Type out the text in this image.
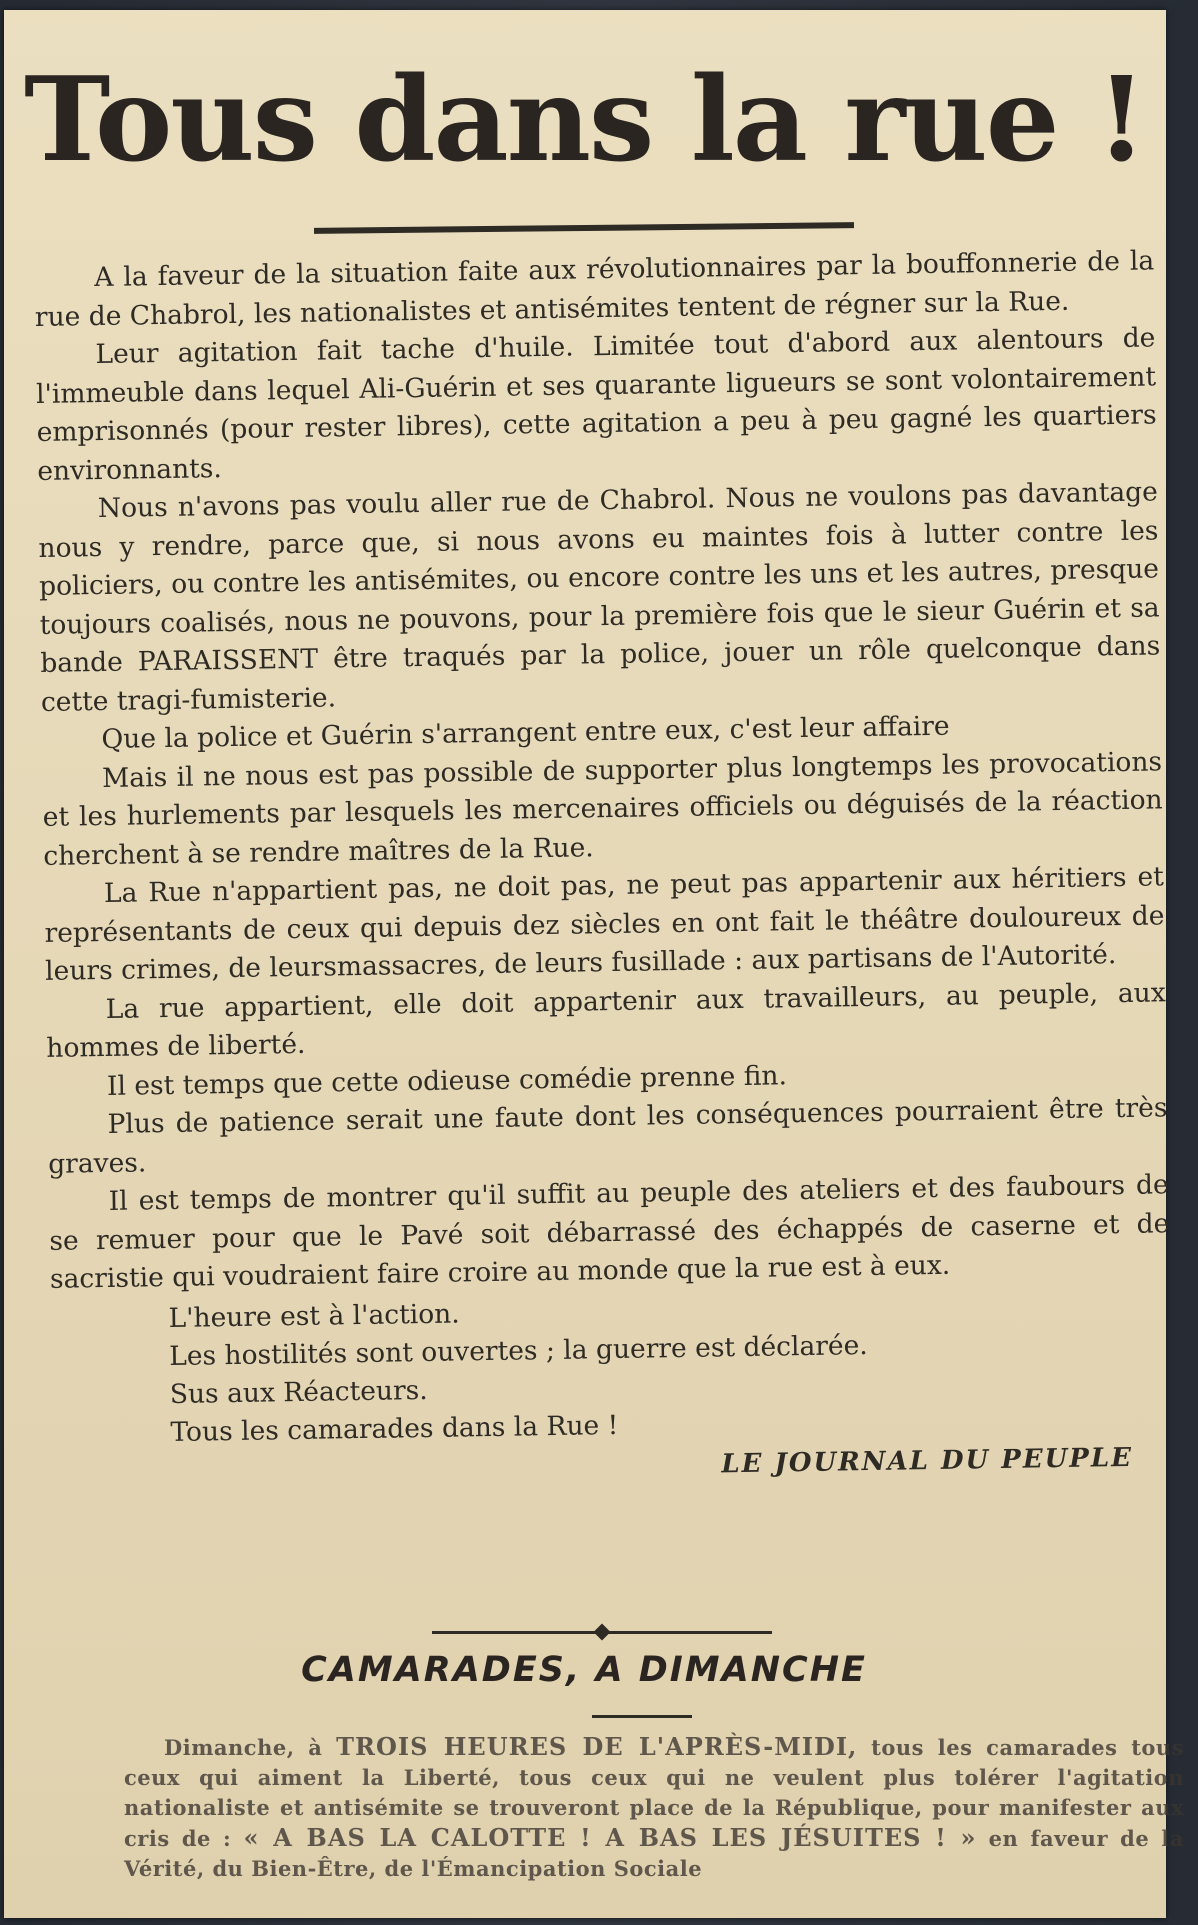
Tous dans la rue !

A la faveur de la situation faite aux révolutionnaires par la bouffonnerie de la rue de Chabrol, les nationalistes et antisémites tentent de régner sur la Rue.

Leur agitation fait tache d'huile. Limitée tout d'abord aux alentours de l'immeuble dans lequel Ali-Guérin et ses quarante ligueurs se sont volontairement emprisonnés (pour rester libres), cette agitation a peu à peu gagné les quartiers environnants.

Nous n'avons pas voulu aller rue de Chabrol. Nous ne voulons pas davantage nous y rendre, parce que, si nous avons eu maintes fois à lutter contre les policiers, ou contre les antisémites, ou encore contre les uns et les autres, presque toujours coalisés, nous ne pouvons, pour la première fois que le sieur Guérin et sa bande PARAISSENT être traqués par la police, jouer un rôle quelconque dans cette tragi-fumisterie.

Que la police et Guérin s'arrangent entre eux, c'est leur affaire

Mais il ne nous est pas possible de supporter plus longtemps les provocations et les hurlements par lesquels les mercenaires officiels ou déguisés de la réaction cherchent à se rendre maîtres de la Rue.

La Rue n'appartient pas, ne doit pas, ne peut pas appartenir aux héritiers et représentants de ceux qui depuis dez siècles en ont fait le théâtre douloureux de leurs crimes, de leursmassacres, de leurs fusillade : aux partisans de l'Autorité.

La rue appartient, elle doit appartenir aux travailleurs, au peuple, aux hommes de liberté.

Il est temps que cette odieuse comédie prenne fin.

Plus de patience serait une faute dont les conséquences pourraient être très graves.

Il est temps de montrer qu'il suffit au peuple des ateliers et des faubours de se remuer pour que le Pavé soit débarrassé des échappés de caserne et de sacristie qui voudraient faire croire au monde que la rue est à eux.

L'heure est à l'action.
Les hostilités sont ouvertes ; la guerre est déclarée.
Sus aux Réacteurs.
Tous les camarades dans la Rue !
LE JOURNAL DU PEUPLE
CAMARADES, A DIMANCHE

Dimanche, à TROIS HEURES DE L'APRÈS-MIDI, tous les camarades tous ceux qui aiment la Liberté, tous ceux qui ne veulent plus tolérer l'agitation nationaliste et antisémite se trouveront place de la République, pour manifester aux cris de : « A BAS LA CALOTTE ! A BAS LES JÉSUITES ! » en faveur de la Vérité, du Bien-Être, de l'Émancipation Sociale
